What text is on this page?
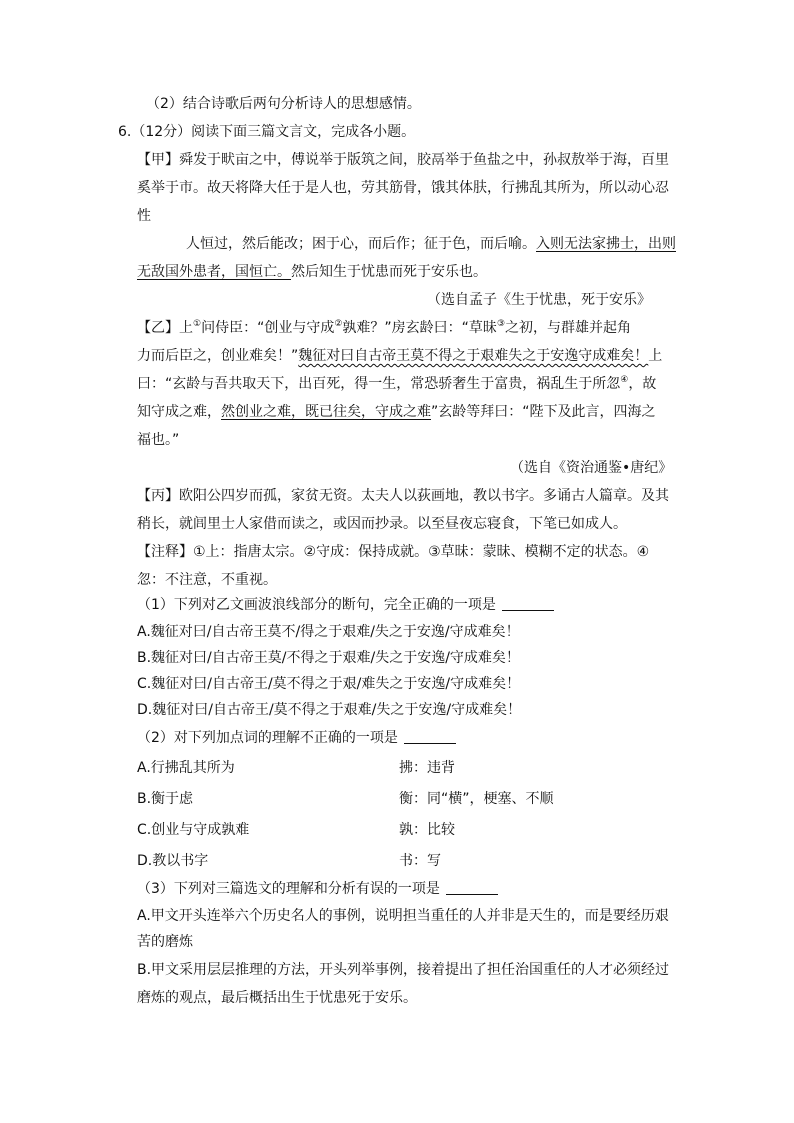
（2）结合诗歌后两句分析诗人的思想感情。
6.（12分）阅读下面三篇文言文，完成各小题。
【甲】舜发于畎亩之中，傅说举于版筑之间，胶鬲举于鱼盐之中，孙叔敖举于海，百里
奚举于市。故天将降大任于是人也，劳其筋骨，饿其体肤，行拂乱其所为，所以动心忍
性
人恒过，然后能改；困于心，而后作；征于色，而后喻。入则无法家拂士，出则
无敌国外患者，国恒亡。然后知生于忧患而死于安乐也。
（选自孟子《生于忧患，死于安乐》
【乙】上①问侍臣：“创业与守成②孰难？”房玄龄曰：“草昧③之初，与群雄并起角
力而后臣之，创业难矣！”魏征对曰自古帝王莫不得之于艰难失之于安逸守成难矣！上
曰：“玄龄与吾共取天下，出百死，得一生，常恐骄奢生于富贵，祸乱生于所忽④，故
知守成之难，然创业之难，既已往矣，守成之难”玄龄等拜曰：“陛下及此言，四海之
福也。”
（选自《资治通鉴•唐纪》
【丙】欧阳公四岁而孤，家贫无资。太夫人以荻画地，教以书字。多诵古人篇章。及其
稍长，就闾里士人家借而读之，或因而抄录。以至昼夜忘寝食，下笔已如成人。
【注释】①上：指唐太宗。②守成：保持成就。③草昧：蒙昧、模糊不定的状态。④
忽：不注意，不重视。
（1）下列对乙文画波浪线部分的断句，完全正确的一项是
A.魏征对曰/自古帝王莫不/得之于艰难/失之于安逸/守成难矣！
B.魏征对曰/自古帝王莫/不得之于艰难/失之于安逸/守成难矣！
C.魏征对曰/自古帝王/莫不得之于艰/难失之于安逸/守成难矣！
D.魏征对曰/自古帝王/莫不得之于艰难/失之于安逸/守成难矣！
（2）对下列加点词的理解不正确的一项是
A.行拂乱其所为	拂：违背
B.衡于虑	衡：同“横”，梗塞、不顺
C.创业与守成孰难	孰：比较
D.教以书字	书：写
（3）下列对三篇选文的理解和分析有误的一项是
A.甲文开头连举六个历史名人的事例，说明担当重任的人并非是天生的，而是要经历艰
苦的磨炼
B.甲文采用层层推理的方法，开头列举事例，接着提出了担任治国重任的人才必须经过
磨炼的观点，最后概括出生于忧患死于安乐。
